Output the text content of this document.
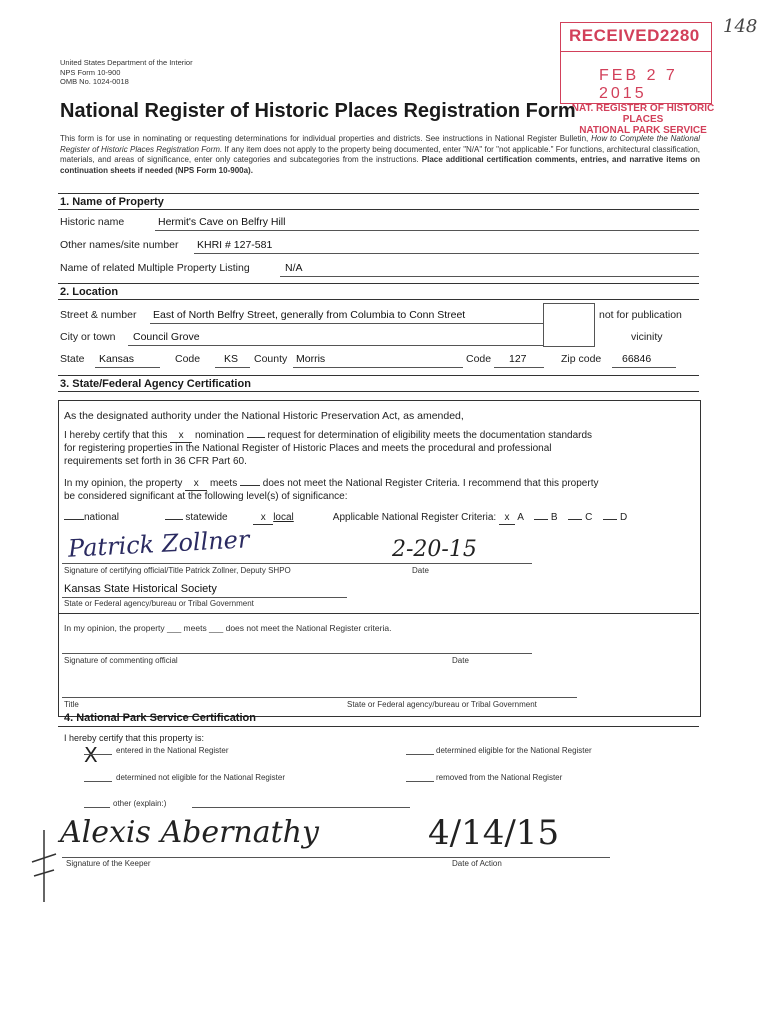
United States Department of the Interior
NPS Form 10-900
OMB No. 1024-0018
RECEIVED2280
FEB 2 7 2015
NAT. REGISTER OF HISTORIC PLACES
NATIONAL PARK SERVICE
148
National Register of Historic Places Registration Form
This form is for use in nominating or requesting determinations for individual properties and districts. See instructions in National Register Bulletin, How to Complete the National Register of Historic Places Registration Form. If any item does not apply to the property being documented, enter "N/A" for "not applicable." For functions, architectural classification, materials, and areas of significance, enter only categories and subcategories from the instructions. Place additional certification comments, entries, and narrative items on continuation sheets if needed (NPS Form 10-900a).
1. Name of Property
Historic name	Hermit's Cave on Belfry Hill
Other names/site number KHRI # 127-581
Name of related Multiple Property Listing	N/A
2. Location
Street & number East of North Belfry Street, generally from Columbia to Conn Street	not for publication
City or town Council Grove	vicinity
State Kansas	Code KS County Morris	Code 127	Zip code 66846
3. State/Federal Agency Certification
As the designated authority under the National Historic Preservation Act, as amended,
I hereby certify that this x nomination request for determination of eligibility meets the documentation standards
for registering properties in the National Register of Historic Places and meets the procedural and professional
requirements set forth in 36 CFR Part 60.
In my opinion, the property x meets	does not meet the National Register Criteria. I recommend that this property
be considered significant at the following level(s) of significance:
national	statewide	x local	Applicable National Register Criteria: x A	B	C	D
Patrick Zollner	2-20-15
Signature of certifying official/Title Patrick Zollner, Deputy SHPO	Date
Kansas State Historical Society
State or Federal agency/bureau or Tribal Government
In my opinion, the property ___ meets ___ does not meet the National Register criteria.
Signature of commenting official	Date
Title	State or Federal agency/bureau or Tribal Government
4. National Park Service Certification
I hereby certify that this property is:
X entered in the National Register	determined eligible for the National Register
determined not eligible for the National Register	removed from the National Register
other (explain:)
Alexis Abernathy	4/14/15
Signature of the Keeper	Date of Action
